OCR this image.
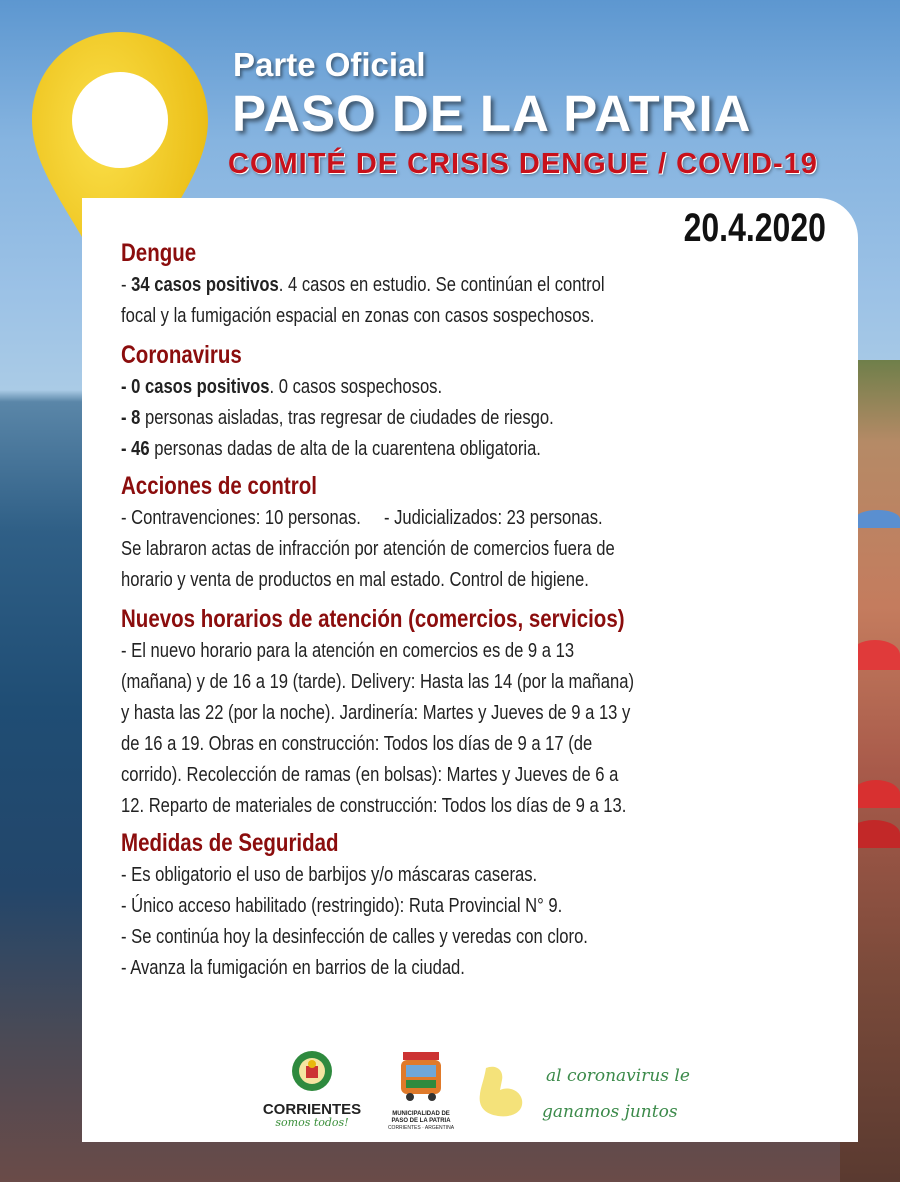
Parte Oficial
PASO DE LA PATRIA
COMITÉ DE CRISIS DENGUE / COVID-19
20.4.2020
Dengue
- 34 casos positivos. 4 casos en estudio. Se continúan el control
focal y la fumigación espacial en zonas con casos sospechosos.
Coronavirus
- 0 casos positivos. 0 casos sospechosos.
- 8 personas aisladas, tras regresar de ciudades de riesgo.
- 46 personas dadas de alta de la cuarentena obligatoria.
Acciones de control
- Contravenciones: 10 personas.     - Judicializados: 23 personas.
Se labraron actas de infracción por atención de comercios fuera de
horario y venta de productos en mal estado. Control de higiene.
Nuevos horarios de atención (comercios, servicios)
- El nuevo horario para la atención en comercios es de 9 a 13
(mañana) y de 16 a 19 (tarde). Delivery: Hasta las 14 (por la mañana)
y hasta las 22 (por la noche). Jardinería: Martes y Jueves de 9 a 13 y
de 16 a 19. Obras en construcción: Todos los días de 9 a 17 (de
corrido). Recolección de ramas (en bolsas): Martes y Jueves de 6 a
12. Reparto de materiales de construcción: Todos los días de 9 a 13.
Medidas de Seguridad
- Es obligatorio el uso de barbijos y/o máscaras caseras.
- Único acceso habilitado (restringido): Ruta Provincial N° 9.
- Se continúa hoy la desinfección de calles y veredas con cloro.
- Avanza la fumigación en barrios de la ciudad.
CORRIENTES
somos todos!
MUNICIPALIDAD DE
PASO DE LA PATRIA
CORRIENTES · ARGENTINA
al coronavirus le
ganamos juntos
